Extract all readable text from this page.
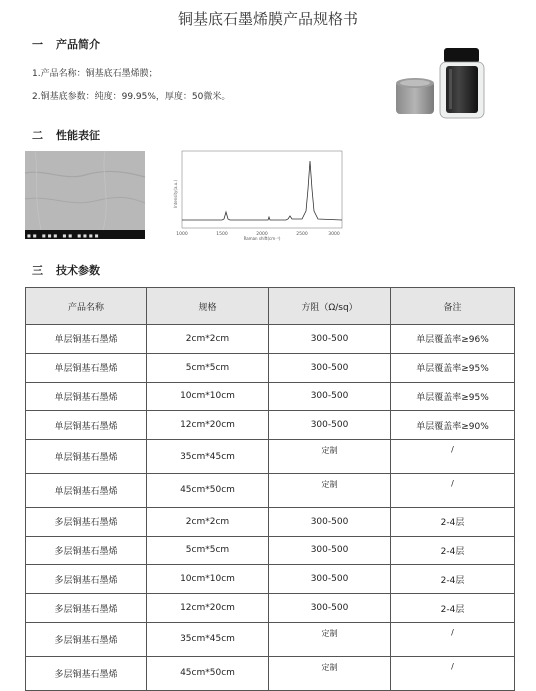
铜基底石墨烯膜产品规格书
一 产品简介
1.产品名称：铜基底石墨烯膜；
2.铜基底参数：纯度：99.95%，厚度：50微米。
二 性能表征
■■ ■■■ ■■ ■■■■
Intensity(a.u.)
1000	1500	2000	2500	3000
Raman shift(cm⁻¹)
三 技术参数
产品名称	规格	方阻（Ω/sq）	备注
单层铜基石墨烯	2cm*2cm	300-500	单层覆盖率≥96%
单层铜基石墨烯	5cm*5cm	300-500	单层覆盖率≥95%
单层铜基石墨烯	10cm*10cm	300-500	单层覆盖率≥95%
单层铜基石墨烯	12cm*20cm	300-500	单层覆盖率≥90%
单层铜基石墨烯	35cm*45cm	定制	/
单层铜基石墨烯	45cm*50cm	定制	/
多层铜基石墨烯	2cm*2cm	300-500	2-4层
多层铜基石墨烯	5cm*5cm	300-500	2-4层
多层铜基石墨烯	10cm*10cm	300-500	2-4层
多层铜基石墨烯	12cm*20cm	300-500	2-4层
多层铜基石墨烯	35cm*45cm	定制	/
多层铜基石墨烯	45cm*50cm	定制	/
